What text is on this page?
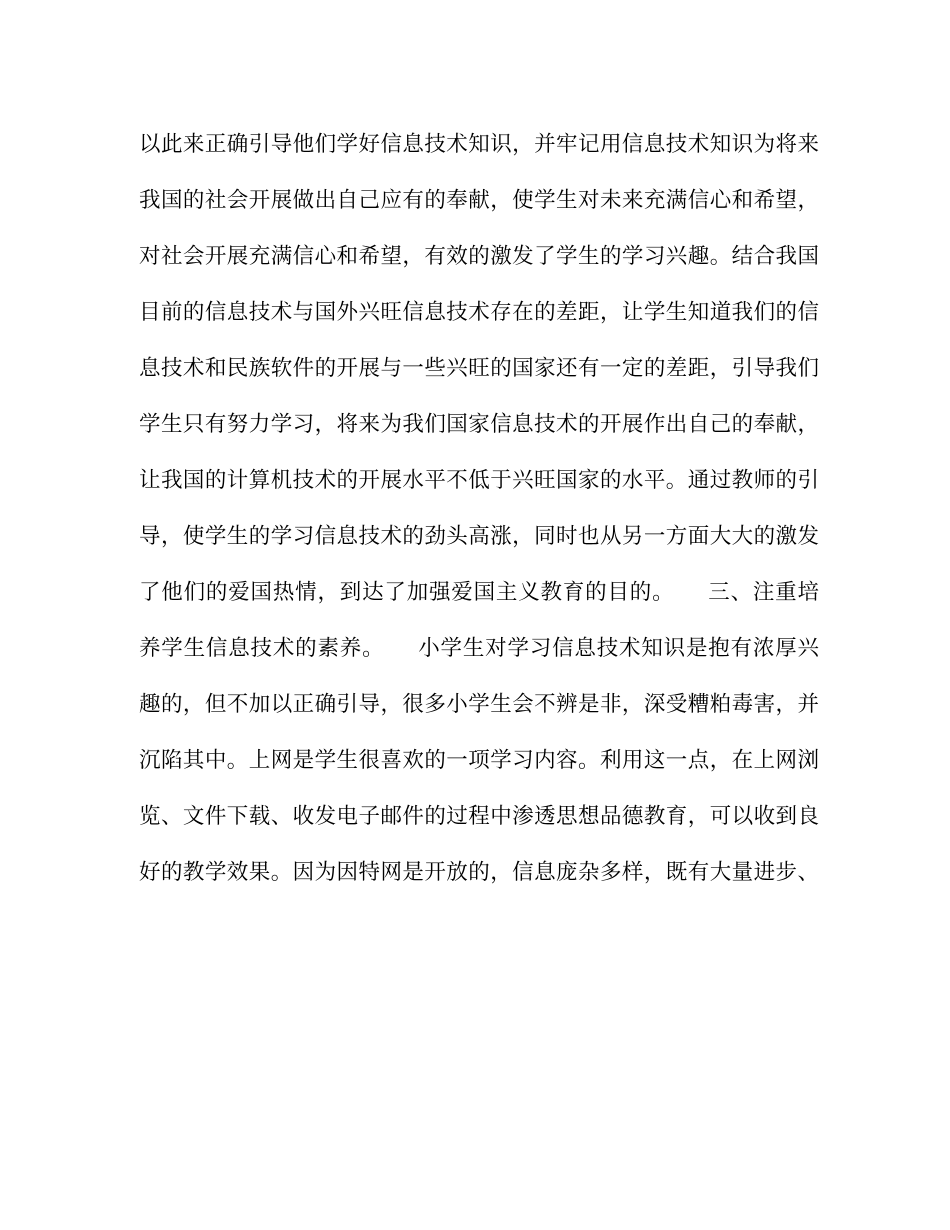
以此来正确引导他们学好信息技术知识，并牢记用信息技术知识为将来
我国的社会开展做出自己应有的奉献，使学生对未来充满信心和希望，
对社会开展充满信心和希望，有效的激发了学生的学习兴趣。结合我国
目前的信息技术与国外兴旺信息技术存在的差距，让学生知道我们的信
息技术和民族软件的开展与一些兴旺的国家还有一定的差距，引导我们
学生只有努力学习，将来为我们国家信息技术的开展作出自己的奉献，
让我国的计算机技术的开展水平不低于兴旺国家的水平。通过教师的引
导，使学生的学习信息技术的劲头高涨，同时也从另一方面大大的激发
了他们的爱国热情，到达了加强爱国主义教育的目的。　　三、注重培
养学生信息技术的素养。　　小学生对学习信息技术知识是抱有浓厚兴
趣的，但不加以正确引导，很多小学生会不辨是非，深受糟粕毒害，并
沉陷其中。上网是学生很喜欢的一项学习内容。利用这一点，在上网浏
览、文件下载、收发电子邮件的过程中渗透思想品德教育，可以收到良
好的教学效果。因为因特网是开放的，信息庞杂多样，既有大量进步、
